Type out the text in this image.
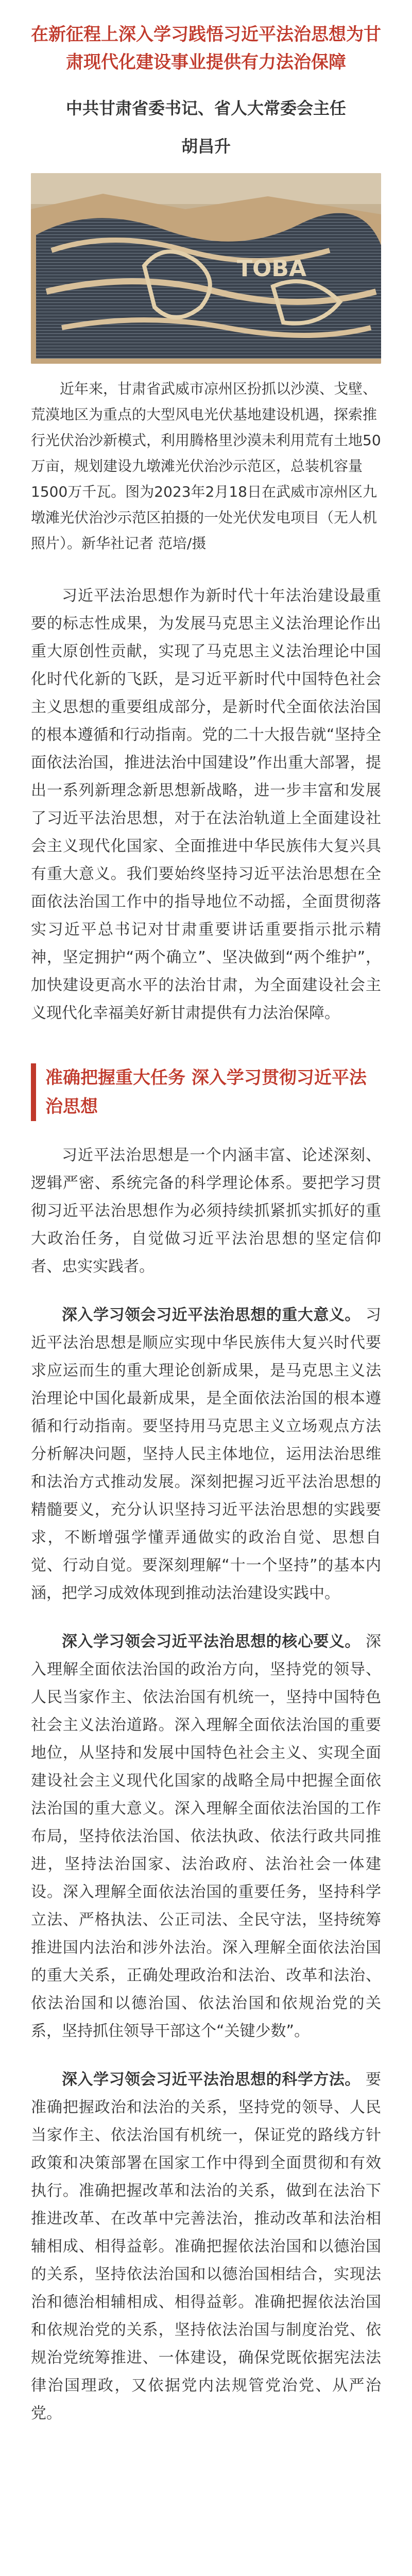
在新征程上深入学习践悟习近平法治思想为甘肃现代化建设事业提供有力法治保障
中共甘肃省委书记、省人大常委会主任
胡昌升
TOBA
近年来，甘肃省武威市凉州区扮抓以沙漠、戈壁、荒漠地区为重点的大型风电光伏基地建设机遇，探索推行光伏治沙新模式，利用腾格里沙漠未利用荒有土地50万亩，规划建设九墩滩光伏治沙示范区，总装机容量1500万千瓦。图为2023年2月18日在武威市凉州区九墩滩光伏治沙示范区拍摄的一处光伏发电项目（无人机照片）。新华社记者 范培/摄
习近平法治思想作为新时代十年法治建设最重要的标志性成果，为发展马克思主义法治理论作出重大原创性贡献，实现了马克思主义法治理论中国化时代化新的飞跃，是习近平新时代中国特色社会主义思想的重要组成部分，是新时代全面依法治国的根本遵循和行动指南。党的二十大报告就“坚持全面依法治国，推进法治中国建设”作出重大部署，提出一系列新理念新思想新战略，进一步丰富和发展了习近平法治思想，对于在法治轨道上全面建设社会主义现代化国家、全面推进中华民族伟大复兴具有重大意义。我们要始终坚持习近平法治思想在全面依法治国工作中的指导地位不动摇，全面贯彻落实习近平总书记对甘肃重要讲话重要指示批示精神，坚定拥护“两个确立”、坚决做到“两个维护”，加快建设更高水平的法治甘肃，为全面建设社会主义现代化幸福美好新甘肃提供有力法治保障。
准确把握重大任务 深入学习贯彻习近平法治思想
习近平法治思想是一个内涵丰富、论述深刻、逻辑严密、系统完备的科学理论体系。要把学习贯彻习近平法治思想作为必须持续抓紧抓实抓好的重大政治任务，自觉做习近平法治思想的坚定信仰者、忠实实践者。
深入学习领会习近平法治思想的重大意义。 习近平法治思想是顺应实现中华民族伟大复兴时代要求应运而生的重大理论创新成果，是马克思主义法治理论中国化最新成果，是全面依法治国的根本遵循和行动指南。要坚持用马克思主义立场观点方法分析解决问题，坚持人民主体地位，运用法治思维和法治方式推动发展。深刻把握习近平法治思想的精髓要义，充分认识坚持习近平法治思想的实践要求，不断增强学懂弄通做实的政治自觉、思想自觉、行动自觉。要深刻理解“十一个坚持”的基本内涵，把学习成效体现到推动法治建设实践中。
深入学习领会习近平法治思想的核心要义。 深入理解全面依法治国的政治方向，坚持党的领导、人民当家作主、依法治国有机统一，坚持中国特色社会主义法治道路。深入理解全面依法治国的重要地位，从坚持和发展中国特色社会主义、实现全面建设社会主义现代化国家的战略全局中把握全面依法治国的重大意义。深入理解全面依法治国的工作布局，坚持依法治国、依法执政、依法行政共同推进，坚持法治国家、法治政府、法治社会一体建设。深入理解全面依法治国的重要任务，坚持科学立法、严格执法、公正司法、全民守法，坚持统筹推进国内法治和涉外法治。深入理解全面依法治国的重大关系，正确处理政治和法治、改革和法治、依法治国和以德治国、依法治国和依规治党的关系，坚持抓住领导干部这个“关键少数”。
深入学习领会习近平法治思想的科学方法。 要准确把握政治和法治的关系，坚持党的领导、人民当家作主、依法治国有机统一，保证党的路线方针政策和决策部署在国家工作中得到全面贯彻和有效执行。准确把握改革和法治的关系，做到在法治下推进改革、在改革中完善法治，推动改革和法治相辅相成、相得益彰。准确把握依法治国和以德治国的关系，坚持依法治国和以德治国相结合，实现法治和德治相辅相成、相得益彰。准确把握依法治国和依规治党的关系，坚持依法治国与制度治党、依规治党统筹推进、一体建设，确保党既依据宪法法律治国理政，又依据党内法规管党治党、从严治党。
